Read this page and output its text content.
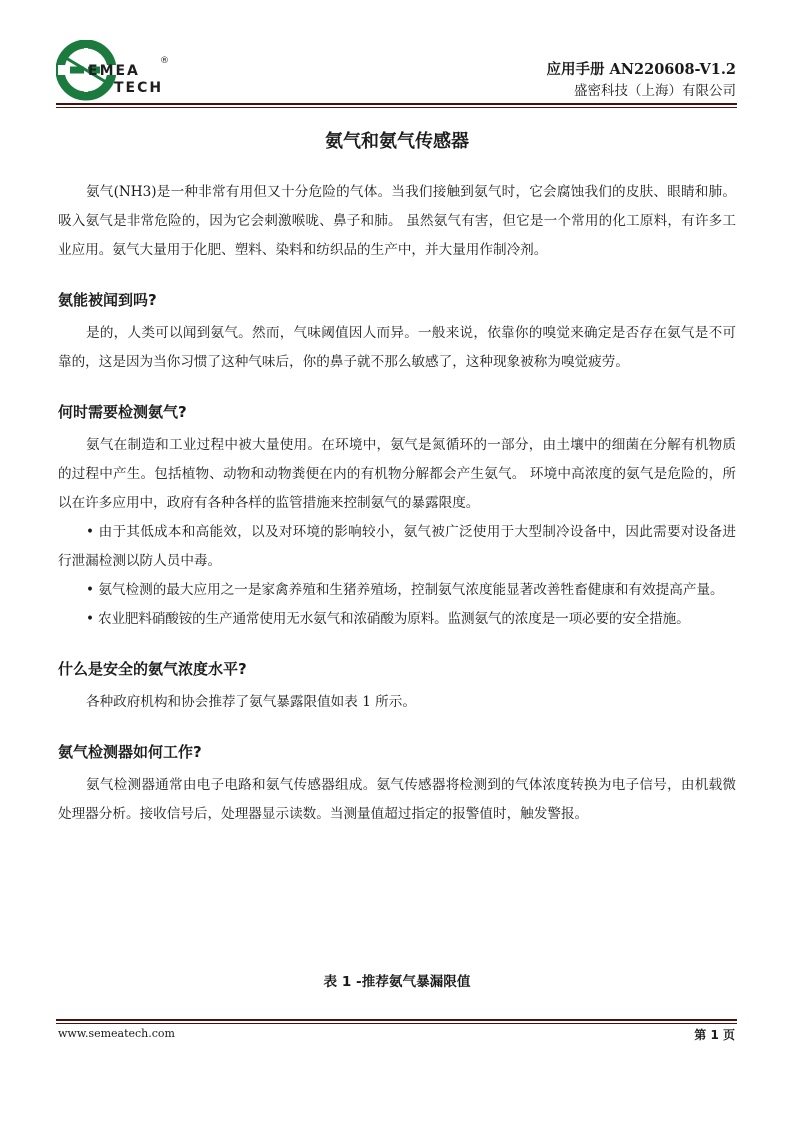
EMEA
®
TECH
应用手册 AN220608-V1.2
盛密科技（上海）有限公司
氨气和氨气传感器

氨气(NH3)是一种非常有用但又十分危险的气体。当我们接触到氨气时，它会腐蚀我们的皮肤、眼睛和肺。吸入氨气是非常危险的，因为它会刺激喉咙、鼻子和肺。 虽然氨气有害，但它是一个常用的化工原料，有许多工业应用。氨气大量用于化肥、塑料、染料和纺织品的生产中，并大量用作制冷剂。

氨能被闻到吗?

是的，人类可以闻到氨气。然而，气味阈值因人而异。一般来说，依靠你的嗅觉来确定是否存在氨气是不可靠的，这是因为当你习惯了这种气味后，你的鼻子就不那么敏感了，这种现象被称为嗅觉疲劳。

何时需要检测氨气?

氨气在制造和工业过程中被大量使用。在环境中，氨气是氮循环的一部分，由土壤中的细菌在分解有机物质的过程中产生。包括植物、动物和动物粪便在内的有机物分解都会产生氨气。 环境中高浓度的氨气是危险的，所以在许多应用中，政府有各种各样的监管措施来控制氨气的暴露限度。

• 由于其低成本和高能效，以及对环境的影响较小，氨气被广泛使用于大型制冷设备中，因此需要对设备进行泄漏检测以防人员中毒。

• 氨气检测的最大应用之一是家禽养殖和生猪养殖场，控制氨气浓度能显著改善牲畜健康和有效提高产量。

• 农业肥料硝酸铵的生产通常使用无水氨气和浓硝酸为原料。监测氨气的浓度是一项必要的安全措施。

什么是安全的氨气浓度水平?

各种政府机构和协会推荐了氨气暴露限值如表 1 所示。

氨气检测器如何工作?

氨气检测器通常由电子电路和氨气传感器组成。氨气传感器将检测到的气体浓度转换为电子信号，由机载微处理器分析。接收信号后，处理器显示读数。当测量值超过指定的报警值时，触发警报。

表 1 -推荐氨气暴漏限值
www.semeatech.com	第 1 页
